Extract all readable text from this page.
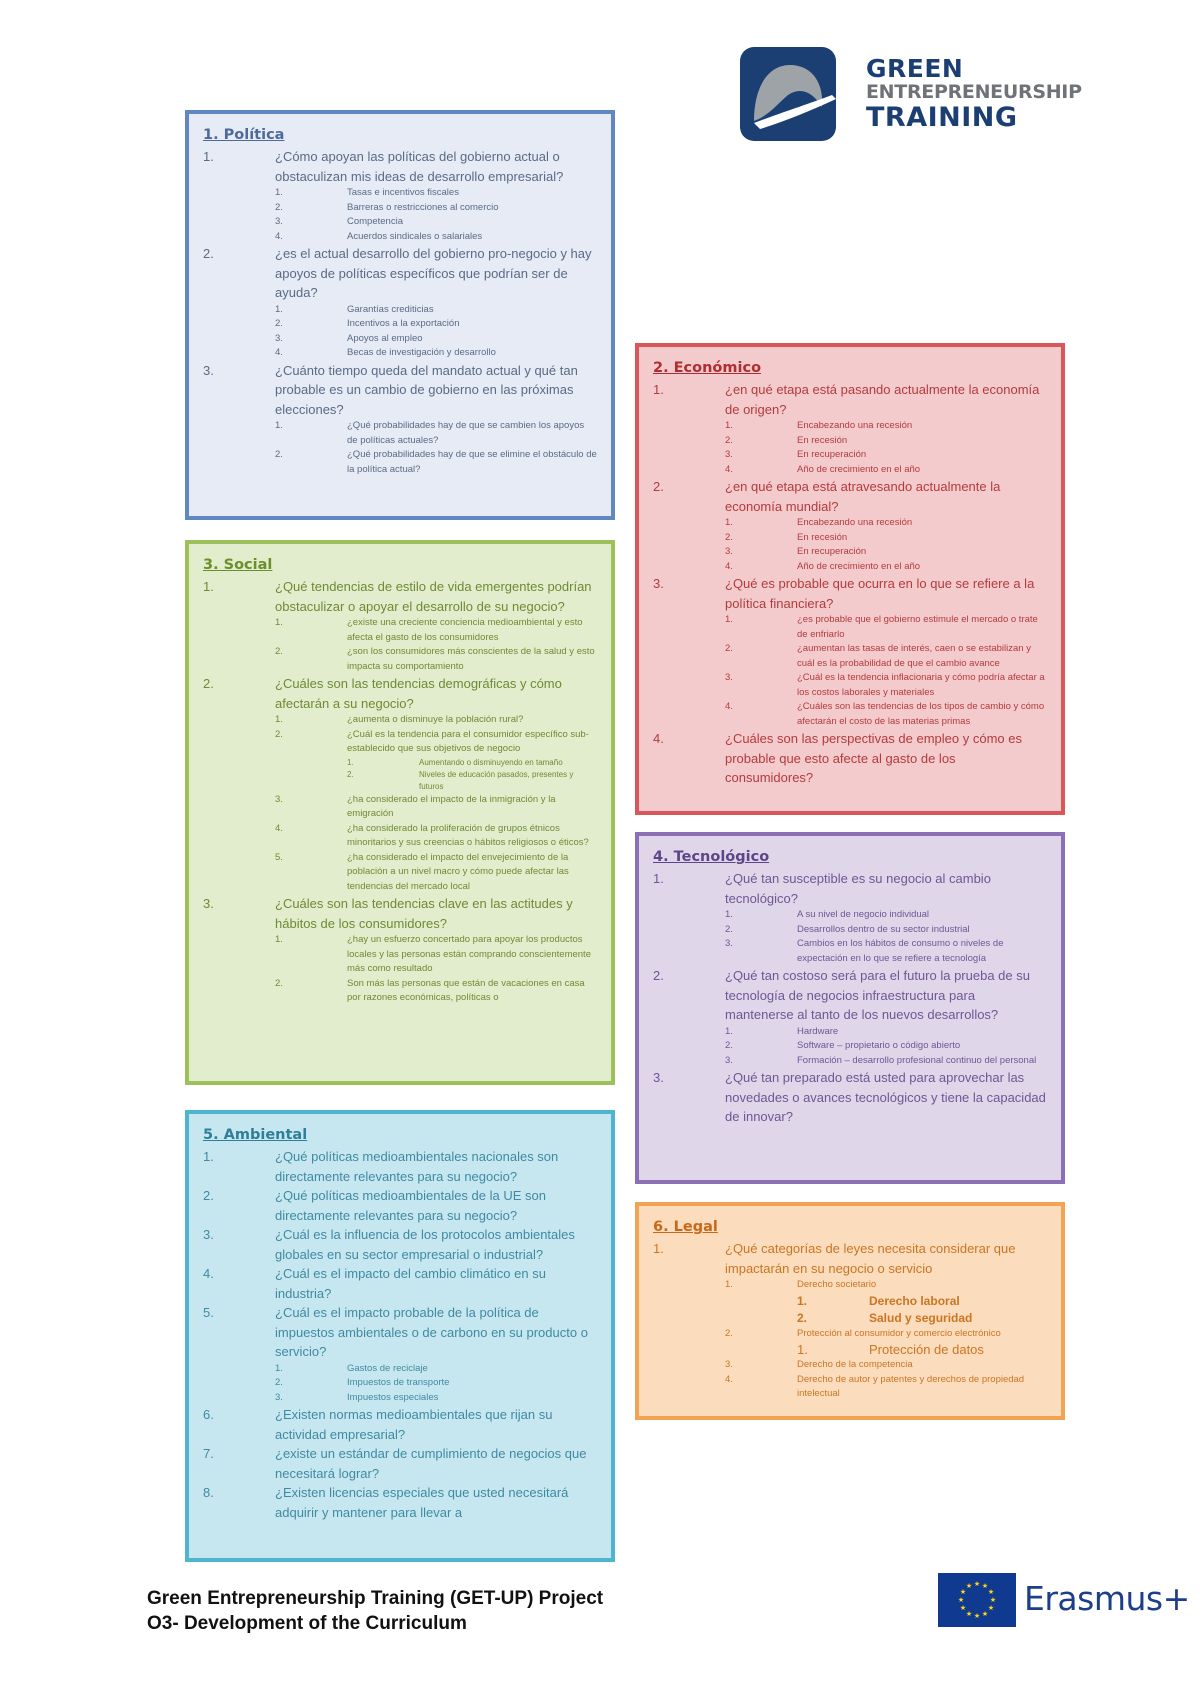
GREEN
ENTREPRENEURSHIP
TRAINING
1. Política
1.	¿Cómo apoyan las políticas del gobierno actual o obstaculizan mis ideas de desarrollo empresarial?
1.	Tasas e incentivos fiscales
2.	Barreras o restricciones al comercio
3.	Competencia
4.	Acuerdos sindicales o salariales
2.	¿es el actual desarrollo del gobierno pro-negocio y hay apoyos de políticas específicos que podrían ser de ayuda?
1.	Garantías crediticias
2.	Incentivos a la exportación
3.	Apoyos al empleo
4.	Becas de investigación y desarrollo
3.	¿Cuánto tiempo queda del mandato actual y qué tan probable es un cambio de gobierno en las próximas elecciones?
1.	¿Qué probabilidades hay de que se cambien los apoyos de políticas actuales?
2.	¿Qué probabilidades hay de que se elimine el obstáculo de la política actual?
3. Social
1.	¿Qué tendencias de estilo de vida emergentes podrían obstaculizar o apoyar el desarrollo de su negocio?
1.	¿existe una creciente conciencia medioambiental y esto afecta el gasto de los consumidores
2.	¿son los consumidores más conscientes de la salud y esto impacta su comportamiento
2.	¿Cuáles son las tendencias demográficas y cómo afectarán a su negocio?
1.	¿aumenta o disminuye la población rural?
2.	¿Cuál es la tendencia para el consumidor específico sub-establecido que sus objetivos de negocio
1.	Aumentando o disminuyendo en tamaño
2.	Niveles de educación pasados, presentes y futuros
3.	¿ha considerado el impacto de la inmigración y la emigración
4.	¿ha considerado la proliferación de grupos étnicos minoritarios y sus creencias o hábitos religiosos o éticos?
5.	¿ha considerado el impacto del envejecimiento de la población a un nivel macro y cómo puede afectar las tendencias del mercado local
3.	¿Cuáles son las tendencias clave en las actitudes y hábitos de los consumidores?
1.	¿hay un esfuerzo concertado para apoyar los productos locales y las personas están comprando conscientemente más como resultado
2.	Son más las personas que están de vacaciones en casa por razones económicas, políticas o
5. Ambiental
1.	¿Qué políticas medioambientales nacionales son directamente relevantes para su negocio?
2.	¿Qué políticas medioambientales de la UE son directamente relevantes para su negocio?
3.	¿Cuál es la influencia de los protocolos ambientales globales en su sector empresarial o industrial?
4.	¿Cuál es el impacto del cambio climático en su industria?
5.	¿Cuál es el impacto probable de la política de impuestos ambientales o de carbono en su producto o servicio?
1.	Gastos de reciclaje
2.	Impuestos de transporte
3.	Impuestos especiales
6.	¿Existen normas medioambientales que rijan su actividad empresarial?
7.	¿existe un estándar de cumplimiento de negocios que necesitará lograr?
8.	¿Existen licencias especiales que usted necesitará adquirir y mantener para llevar a
2. Económico
1.	¿en qué etapa está pasando actualmente la economía de origen?
1.	Encabezando una recesión
2.	En recesión
3.	En recuperación
4.	Año de crecimiento en el año
2.	¿en qué etapa está atravesando actualmente la economía mundial?
1.	Encabezando una recesión
2.	En recesión
3.	En recuperación
4.	Año de crecimiento en el año
3.	¿Qué es probable que ocurra en lo que se refiere a la política financiera?
1.	¿es probable que el gobierno estimule el mercado o trate de enfriarlo
2.	¿aumentan las tasas de interés, caen o se estabilizan y cuál es la probabilidad de que el cambio avance
3.	¿Cuál es la tendencia inflacionaria y cómo podría afectar a los costos laborales y materiales
4.	¿Cuáles son las tendencias de los tipos de cambio y cómo afectarán el costo de las materias primas
4.	¿Cuáles son las perspectivas de empleo y cómo es probable que esto afecte al gasto de los consumidores?
4. Tecnológico
1.	¿Qué tan susceptible es su negocio al cambio tecnológico?
1.	A su nivel de negocio individual
2.	Desarrollos dentro de su sector industrial
3.	Cambios en los hábitos de consumo o niveles de expectación en lo que se refiere a tecnología
2.	¿Qué tan costoso será para el futuro la prueba de su tecnología de negocios infraestructura para mantenerse al tanto de los nuevos desarrollos?
1.	Hardware
2.	Software – propietario o código abierto
3.	Formación – desarrollo profesional continuo del personal
3.	¿Qué tan preparado está usted para aprovechar las novedades o avances tecnológicos y tiene la capacidad de innovar?
6. Legal
1.	¿Qué categorías de leyes necesita considerar que impactarán en su negocio o servicio
1.	Derecho societario
1.	Derecho laboral
2.	Salud y seguridad
2.	Protección al consumidor y comercio electrónico
1.	Protección de datos
3.	Derecho de la competencia
4.	Derecho de autor y patentes y derechos de propiedad intelectual
Green Entrepreneurship Training (GET-UP) Project
O3- Development of the Curriculum
★ ★
★
★
★
★
★
★
★
★
★
★ Erasmus+
